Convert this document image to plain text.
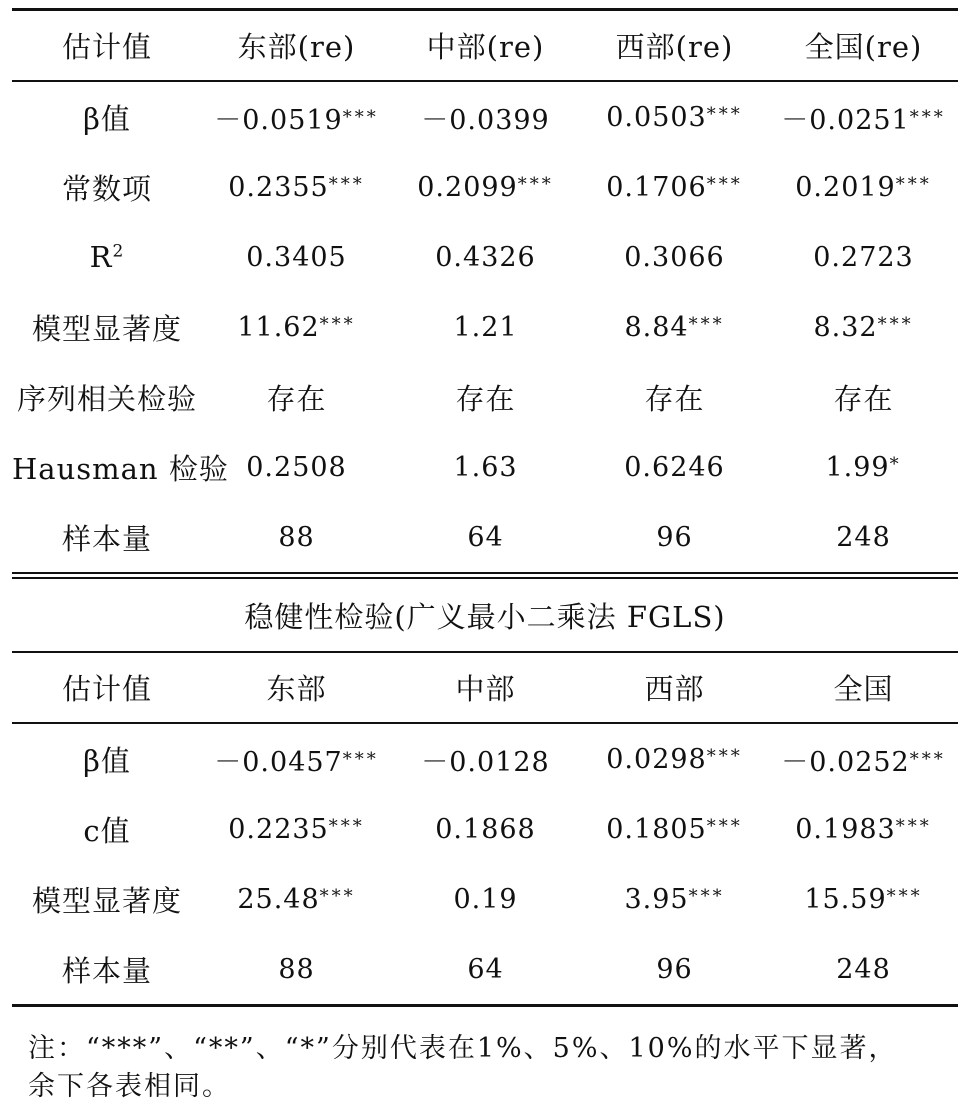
估计值	东部(re)	中部(re)	西部(re)	全国(re)
β值	－0.0519***	－0.0399	0.0503***	－0.0251***
常数项	0.2355***	0.2099***	0.1706***	0.2019***
$R^2$	0.3405	0.4326	0.3066	0.2723
模型显著度	11.62***	1.21	8.84***	8.32***
序列相关检验	存在	存在	存在	存在
Hausman 检验 0.2508	1.63	0.6246	1.99*
样本量	88	64	96	248
稳健性检验(广义最小二乘法 FGLS)
估计值	东部	中部	西部	全国
β值	－0.0457***	－0.0128	0.0298***	－0.0252***
c值	0.2235***	0.1868	0.1805***	0.1983***
模型显著度	25.48***	0.19	3.95***	15.59***
样本量	88	64	96	248
注：“***”、“**”、“*”分别代表在1%、5%、10%的水平下显著，
余下各表相同。
